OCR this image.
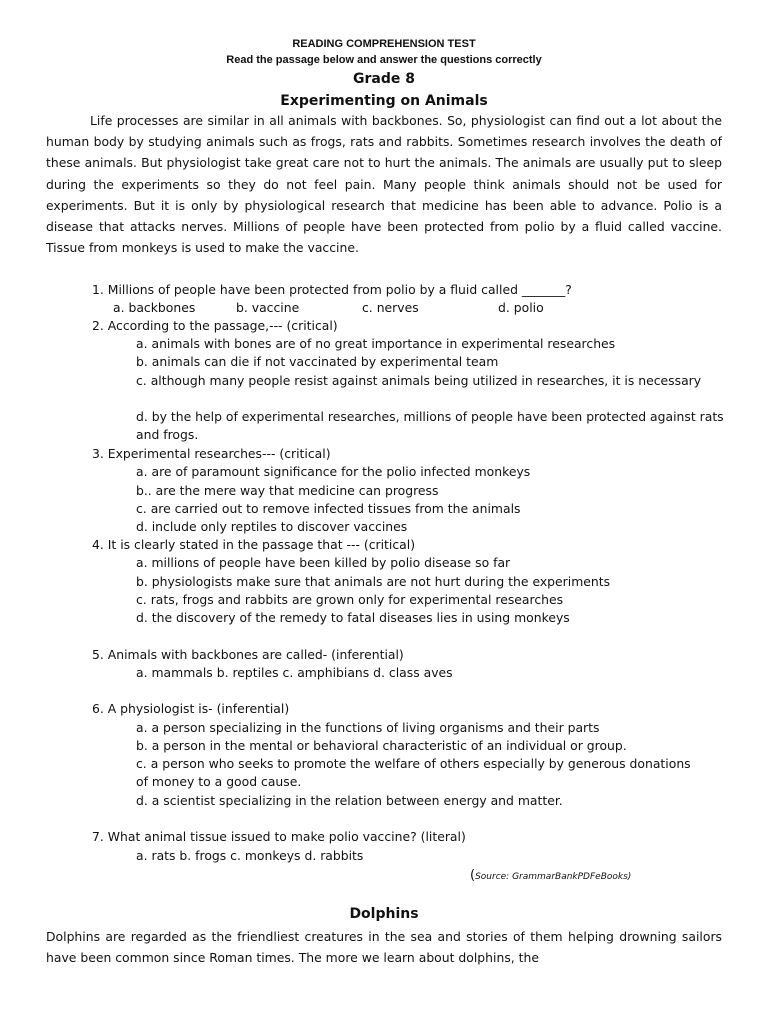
READING COMPREHENSION TEST
Read the passage below and answer the questions correctly
Grade 8
Experimenting on Animals
Life processes are similar in all animals with backbones. So, physiologist can find out a lot about the human body by studying animals such as frogs, rats and rabbits. Sometimes research involves the death of these animals. But physiologist take great care not to hurt the animals. The animals are usually put to sleep during the experiments so they do not feel pain. Many people think animals should not be used for experiments. But it is only by physiological research that medicine has been able to advance. Polio is a disease that attacks nerves. Millions of people have been protected from polio by a fluid called vaccine. Tissue from monkeys is used to make the vaccine.
1. Millions of people have been protected from polio by a fluid called _______?
a. backbones	b. vaccine	c. nerves	d. polio
2. According to the passage,--- (critical)
a. animals with bones are of no great importance in experimental researches
b. animals can die if not vaccinated by experimental team
c. although many people resist against animals being utilized in researches, it is necessary
d. by the help of experimental researches, millions of people have been protected against rats and frogs.
3. Experimental researches--- (critical)
a. are of paramount significance for the polio infected monkeys
b.. are the mere way that medicine can progress
c. are carried out to remove infected tissues from the animals
d. include only reptiles to discover vaccines
4. It is clearly stated in the passage that --- (critical)
a. millions of people have been killed by polio disease so far
b. physiologists make sure that animals are not hurt during the experiments
c. rats, frogs and rabbits are grown only for experimental researches
d. the discovery of the remedy to fatal diseases lies in using monkeys
5. Animals with backbones are called- (inferential)
a. mammals b. reptiles c. amphibians d. class aves
6. A physiologist is- (inferential)
a. a person specializing in the functions of living organisms and their parts
b. a person in the mental or behavioral characteristic of an individual or group.
c. a person who seeks to promote the welfare of others especially by generous donations of money to a good cause.
d. a scientist specializing in the relation between energy and matter.
7. What animal tissue issued to make polio vaccine? (literal)
a. rats b. frogs c. monkeys d. rabbits
(Source: GrammarBankPDFeBooks)
Dolphins
Dolphins are regarded as the friendliest creatures in the sea and stories of them helping drowning sailors have been common since Roman times. The more we learn about dolphins, the
